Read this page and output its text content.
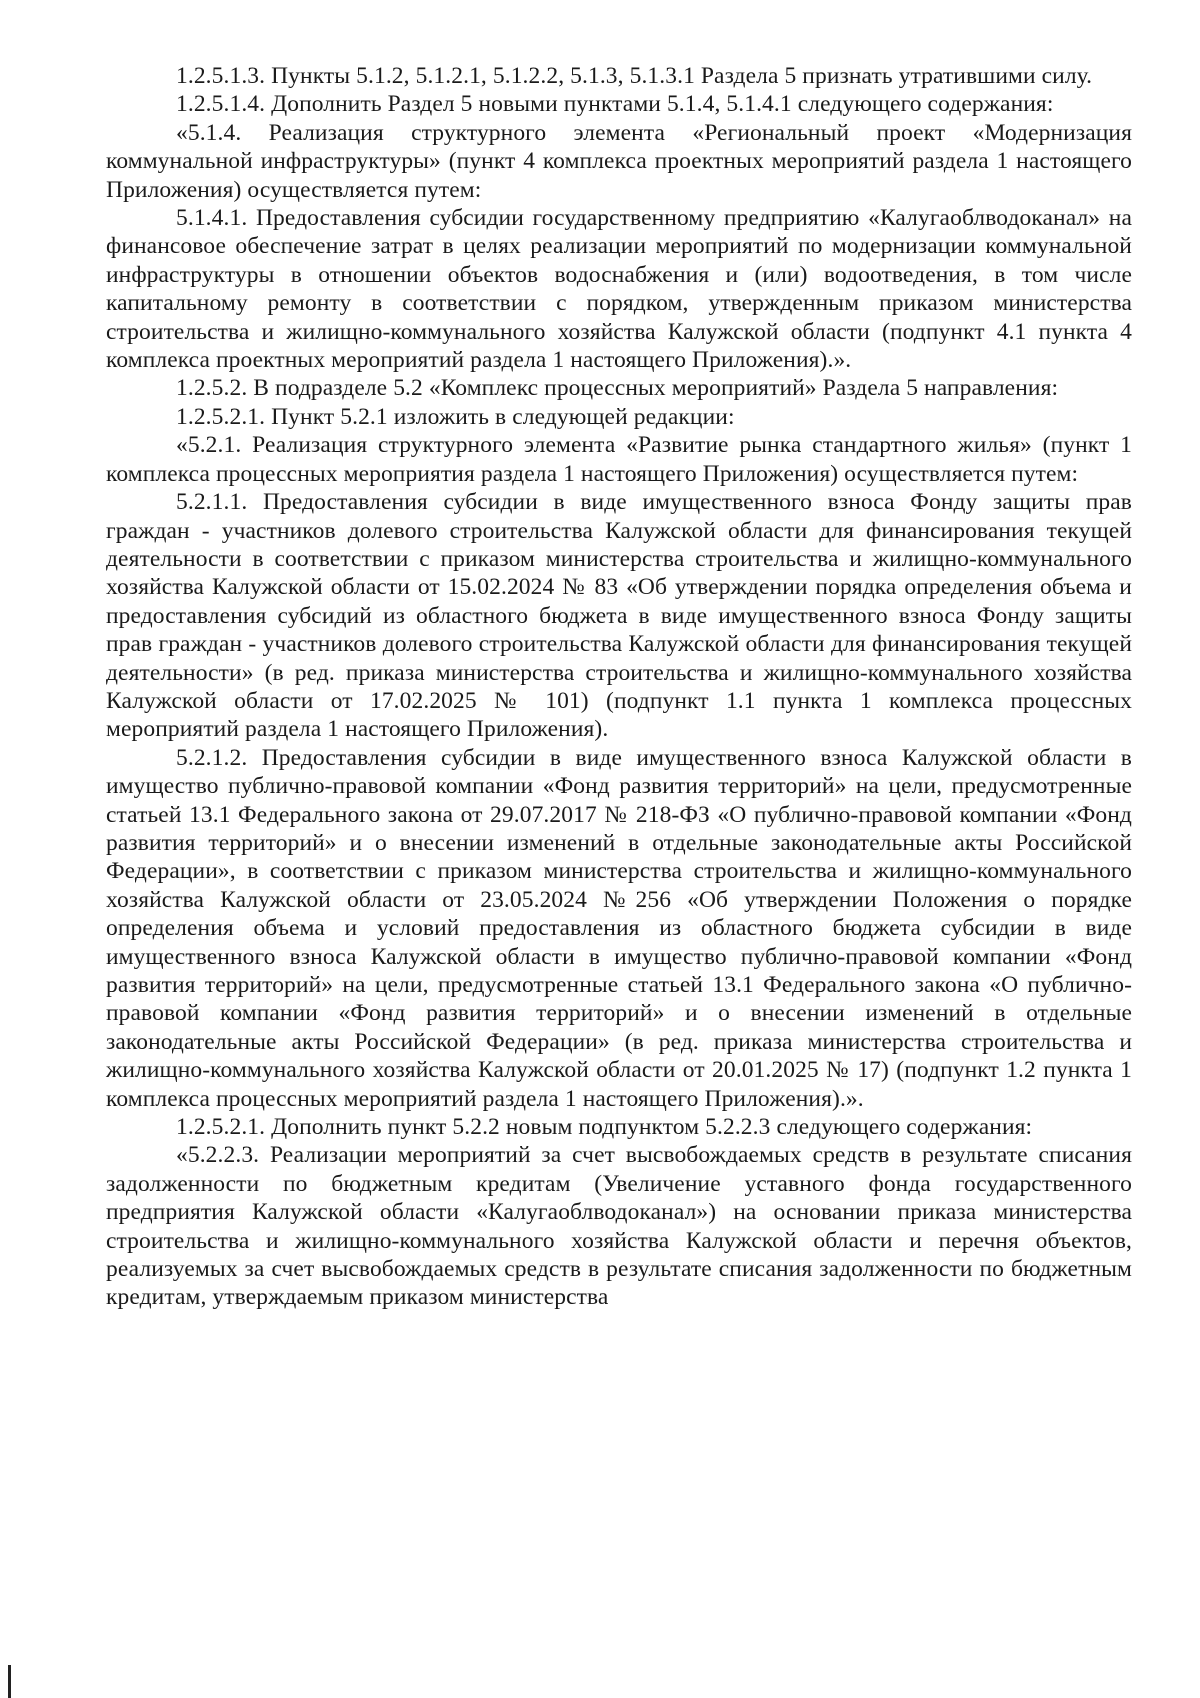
1.2.5.1.3. Пункты 5.1.2, 5.1.2.1, 5.1.2.2, 5.1.3, 5.1.3.1 Раздела 5 признать утратившими силу.

1.2.5.1.4. Дополнить Раздел 5 новыми пунктами 5.1.4, 5.1.4.1 следующего содержания:

«5.1.4. Реализация структурного элемента «Региональный проект «Модернизация коммунальной инфраструктуры» (пункт 4 комплекса проектных мероприятий раздела 1 настоящего Приложения) осуществляется путем:

5.1.4.1. Предоставления субсидии государственному предприятию «Калугаоблводоканал» на финансовое обеспечение затрат в целях реализации мероприятий по модернизации коммунальной инфраструктуры в отношении объектов водоснабжения и (или) водоотведения, в том числе капитальному ремонту в соответствии с порядком, утвержденным приказом министерства строительства и жилищно-коммунального хозяйства Калужской области (подпункт 4.1 пункта 4 комплекса проектных мероприятий раздела 1 настоящего Приложения).».

1.2.5.2. В подразделе 5.2 «Комплекс процессных мероприятий» Раздела 5 направления:

1.2.5.2.1. Пункт 5.2.1 изложить в следующей редакции:

«5.2.1. Реализация структурного элемента «Развитие рынка стандартного жилья» (пункт 1 комплекса процессных мероприятия раздела 1 настоящего Приложения) осуществляется путем:

5.2.1.1. Предоставления субсидии в виде имущественного взноса Фонду защиты прав граждан - участников долевого строительства Калужской области для финансирования текущей деятельности в соответствии с приказом министерства строительства и жилищно-коммунального хозяйства Калужской области от 15.02.2024 № 83 «Об утверждении порядка определения объема и предоставления субсидий из областного бюджета в виде имущественного взноса Фонду защиты прав граждан - участников долевого строительства Калужской области для финансирования текущей деятельности» (в ред. приказа министерства строительства и жилищно-коммунального хозяйства Калужской области от 17.02.2025 № 101) (подпункт 1.1 пункта 1 комплекса процессных мероприятий раздела 1 настоящего Приложения).

5.2.1.2. Предоставления субсидии в виде имущественного взноса Калужской области в имущество публично-правовой компании «Фонд развития территорий» на цели, предусмотренные статьей 13.1 Федерального закона от 29.07.2017 № 218-ФЗ «О публично-правовой компании «Фонд развития территорий» и о внесении изменений в отдельные законодательные акты Российской Федерации», в соответствии с приказом министерства строительства и жилищно-коммунального хозяйства Калужской области от 23.05.2024 №256 «Об утверждении Положения о порядке определения объема и условий предоставления из областного бюджета субсидии в виде имущественного взноса Калужской области в имущество публично-правовой компании «Фонд развития территорий» на цели, предусмотренные статьей 13.1 Федерального закона «О публично-правовой компании «Фонд развития территорий» и о внесении изменений в отдельные законодательные акты Российской Федерации» (в ред. приказа министерства строительства и жилищно-коммунального хозяйства Калужской области от 20.01.2025 № 17) (подпункт 1.2 пункта 1 комплекса процессных мероприятий раздела 1 настоящего Приложения).».

1.2.5.2.1. Дополнить пункт 5.2.2 новым подпунктом 5.2.2.3 следующего содержания:

«5.2.2.3. Реализации мероприятий за счет высвобождаемых средств в результате списания задолженности по бюджетным кредитам (Увеличение уставного фонда государственного предприятия Калужской области «Калугаоблводоканал») на основании приказа министерства строительства и жилищно-коммунального хозяйства Калужской области и перечня объектов, реализуемых за счет высвобождаемых средств в результате списания задолженности по бюджетным кредитам, утверждаемым приказом министерства
